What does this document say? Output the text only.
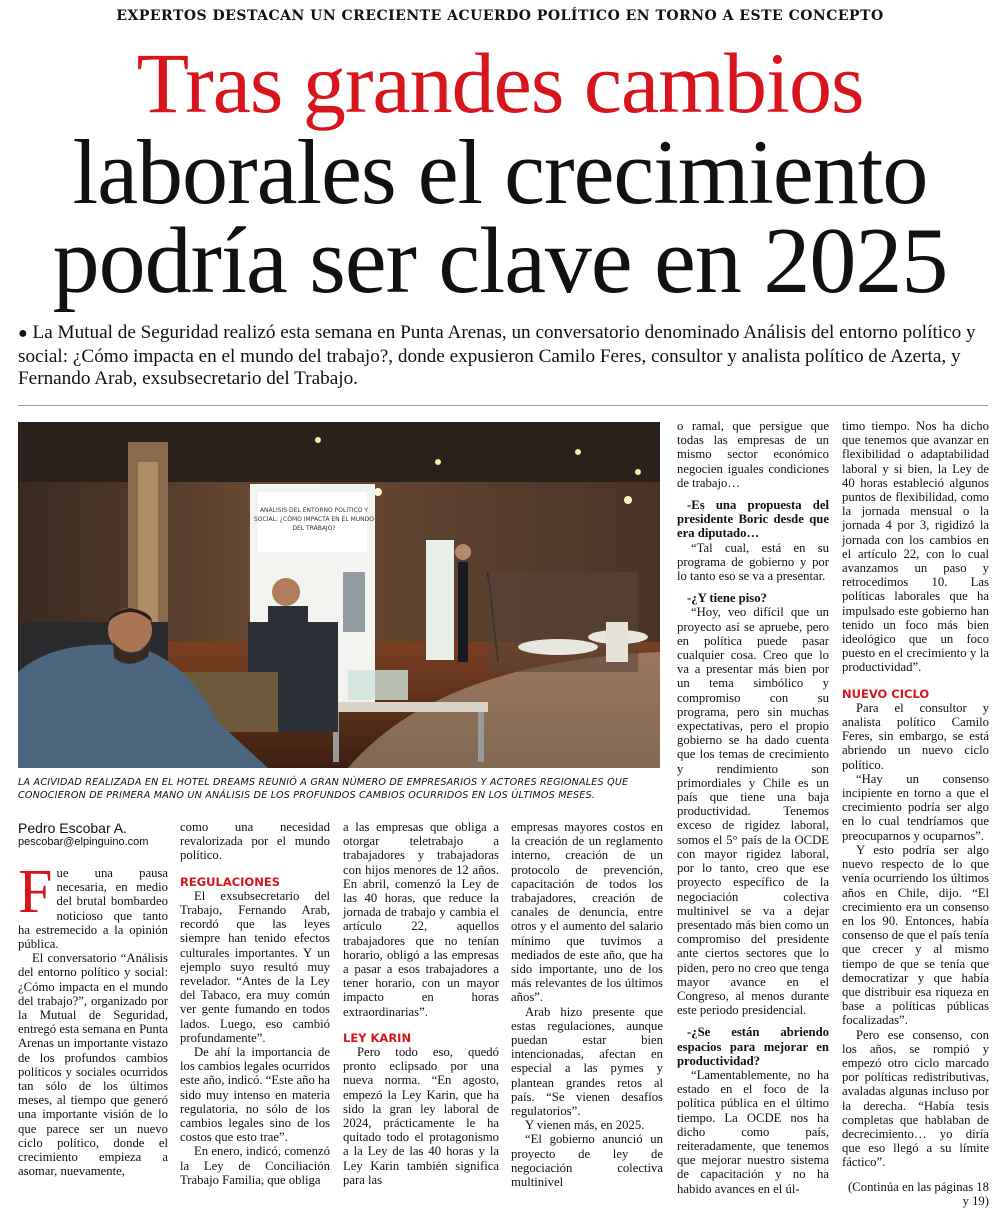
EXPERTOS DESTACAN UN CRECIENTE ACUERDO POLÍTICO EN TORNO A ESTE CONCEPTO
Tras grandes cambios
laborales el crecimiento
podría ser clave en 2025
● La Mutual de Seguridad realizó esta semana en Punta Arenas, un conversatorio denominado Análisis del entorno político y social: ¿Cómo impacta en el mundo del trabajo?, donde expusieron Camilo Feres, consultor y analista político de Azerta, y Fernando Arab, exsubsecretario del Trabajo.
ANÁLISIS DEL ENTORNO POLÍTICO Y
SOCIAL: ¿CÓMO IMPACTA EN EL MUNDO
DEL TRABAJO?
LA ACIVIDAD REALIZADA EN EL HOTEL DREAMS REUNIÓ A GRAN NÚMERO DE EMPRESARIOS Y ACTORES REGIONALES QUE CONOCIERON DE PRIMERA MANO UN ANÁLISIS DE LOS PROFUNDOS CAMBIOS OCURRIDOS EN LOS ÚLTIMOS MESES.
Pedro Escobar A.
pescobar@elpinguino.com

Fue una pausa necesaria, en medio del brutal bombardeo noticioso que tanto ha estremecido a la opinión pública.

El conversatorio “Análisis del entorno político y social: ¿Cómo impacta en el mundo del trabajo?”, organizado por la Mutual de Seguridad, entregó esta semana en Punta Arenas un importante vistazo de los profundos cambios políticos y sociales ocurridos tan sólo de los últimos meses, al tiempo que generó una importante visión de lo que parece ser un nuevo ciclo político, donde el crecimiento empieza a asomar, nuevamente,

como una necesidad revalorizada por el mundo político.

REGULACIONES

El exsubsecretario del Trabajo, Fernando Arab, recordó que las leyes siempre han tenido efectos culturales importantes. Y un ejemplo suyo resultó muy revelador. “Antes de la Ley del Tabaco, era muy común ver gente fumando en todos lados. Luego, eso cambió profundamente”.

De ahí la importancia de los cambios legales ocurridos este año, indicó. “Este año ha sido muy intenso en materia regulatoria, no sólo de los cambios legales sino de los costos que esto trae”.

En enero, indicó, comenzó la Ley de Conciliación Trabajo Familia, que obliga

a las empresas que obliga a otorgar teletrabajo a trabajadores y trabajadoras con hijos menores de 12 años. En abril, comenzó la Ley de las 40 horas, que reduce la jornada de trabajo y cambia el artículo 22, aquellos trabajadores que no tenían horario, obligó a las empresas a pasar a esos trabajadores a tener horario, con un mayor impacto en horas extraordinarias”.

LEY KARIN

Pero todo eso, quedó pronto eclipsado por una nueva norma. “En agosto, empezó la Ley Karin, que ha sido la gran ley laboral de 2024, prácticamente le ha quitado todo el protagonismo a la Ley de las 40 horas y la Ley Karin también significa para las

empresas mayores costos en la creación de un reglamento interno, creación de un protocolo de prevención, capacitación de todos los trabajadores, creación de canales de denuncia, entre otros y el aumento del salario mínimo que tuvimos a mediados de este año, que ha sido importante, uno de los más relevantes de los últimos años”.

Arab hizo presente que estas regulaciones, aunque puedan estar bien intencionadas, afectan en especial a las pymes y plantean grandes retos al país. “Se vienen desafíos regulatorios”.

Y vienen más, en 2025.

“El gobierno anunció un proyecto de ley de negociación colectiva multinivel

o ramal, que persigue que todas las empresas de un mismo sector económico negocien iguales condiciones de trabajo…

-Es una propuesta del presidente Boric desde que era diputado…

“Tal cual, está en su programa de gobierno y por lo tanto eso se va a presentar.

-¿Y tiene piso?

“Hoy, veo difícil que un proyecto así se apruebe, pero en política puede pasar cualquier cosa. Creo que lo va a presentar más bien por un tema simbólico y compromiso con su programa, pero sin muchas expectativas, pero el propio gobierno se ha dado cuenta que los temas de crecimiento y rendimiento son primordiales y Chile es un país que tiene una baja productividad. Tenemos exceso de rigidez laboral, somos el 5° país de la OCDE con mayor rigidez laboral, por lo tanto, creo que ese proyecto específico de la negociación colectiva multinivel se va a dejar presentado más bien como un compromiso del presidente ante ciertos sectores que lo piden, pero no creo que tenga mayor avance en el Congreso, al menos durante este periodo presidencial.

-¿Se están abriendo espacios para mejorar en productividad?

“Lamentablemente, no ha estado en el foco de la política pública en el último tiempo. La OCDE nos ha dicho como país, reiteradamente, que tenemos que mejorar nuestro sistema de capacitación y no ha habido avances en el úl-

timo tiempo. Nos ha dicho que tenemos que avanzar en flexibilidad o adaptabilidad laboral y si bien, la Ley de 40 horas estableció algunos puntos de flexibilidad, como la jornada mensual o la jornada 4 por 3, rigidizó la jornada con los cambios en el artículo 22, con lo cual avanzamos un paso y retrocedimos 10. Las políticas laborales que ha impulsado este gobierno han tenido un foco más bien ideológico que un foco puesto en el crecimiento y la productividad”.

NUEVO CICLO

Para el consultor y analista político Camilo Feres, sin embargo, se está abriendo un nuevo ciclo político.

“Hay un consenso incipiente en torno a que el crecimiento podría ser algo en lo cual tendríamos que preocuparnos y ocuparnos”.

Y esto podría ser algo nuevo respecto de lo que venía ocurriendo los últimos años en Chile, dijo. “El crecimiento era un consenso en los 90. Entonces, había consenso de que el país tenía que crecer y al mismo tiempo de que se tenía que democratizar y que había que distribuir esa riqueza en base a políticas públicas focalizadas”.

Pero ese consenso, con los años, se rompió y empezó otro ciclo marcado por políticas redistributivas, avaladas algunas incluso por la derecha. “Había tesis completas que hablaban de decrecimiento… yo diría que eso llegó a su límite fáctico”.

(Continúa en las páginas 18 y 19)
